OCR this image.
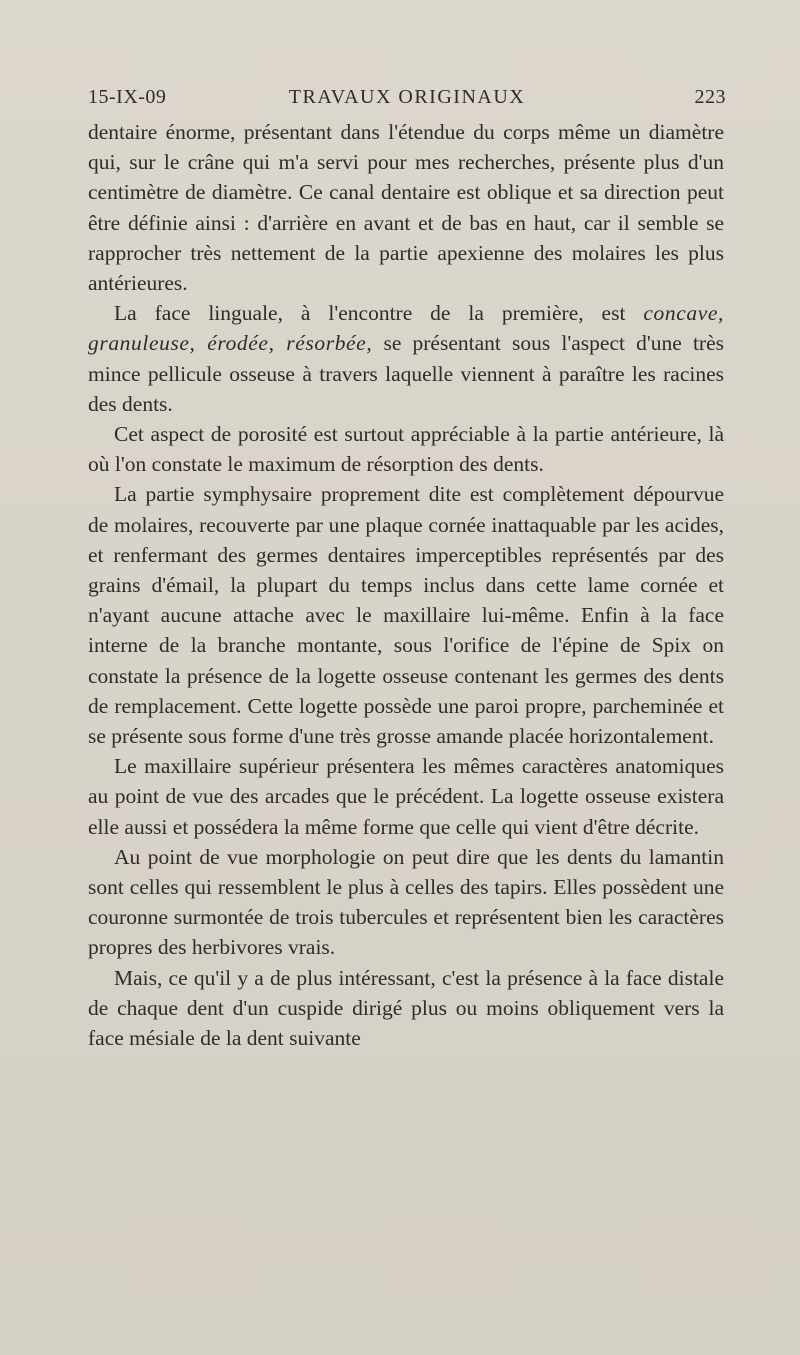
15-IX-09	TRAVAUX ORIGINAUX	223

dentaire énorme, présentant dans l'étendue du corps même un diamètre qui, sur le crâne qui m'a servi pour mes recherches, présente plus d'un centimètre de diamètre. Ce canal dentaire est oblique et sa direction peut être définie ainsi : d'arrière en avant et de bas en haut, car il semble se rapprocher très nettement de la partie apexienne des molaires les plus antérieures.

La face linguale, à l'encontre de la première, est concave, granuleuse, érodée, résorbée, se présentant sous l'aspect d'une très mince pellicule osseuse à travers laquelle viennent à paraître les racines des dents.

Cet aspect de porosité est surtout appréciable à la partie antérieure, là où l'on constate le maximum de résorption des dents.

La partie symphysaire proprement dite est complètement dépourvue de molaires, recouverte par une plaque cornée inattaquable par les acides, et renfermant des germes dentaires imperceptibles représentés par des grains d'émail, la plupart du temps inclus dans cette lame cornée et n'ayant aucune attache avec le maxillaire lui-même. Enfin à la face interne de la branche montante, sous l'orifice de l'épine de Spix on constate la présence de la logette osseuse contenant les germes des dents de remplacement. Cette logette possède une paroi propre, parcheminée et se présente sous forme d'une très grosse amande placée horizontalement.

Le maxillaire supérieur présentera les mêmes caractères anatomiques au point de vue des arcades que le précédent. La logette osseuse existera elle aussi et possédera la même forme que celle qui vient d'être décrite.

Au point de vue morphologie on peut dire que les dents du lamantin sont celles qui ressemblent le plus à celles des tapirs. Elles possèdent une couronne surmontée de trois tubercules et représentent bien les caractères propres des herbivores vrais.

Mais, ce qu'il y a de plus intéressant, c'est la présence à la face distale de chaque dent d'un cuspide dirigé plus ou moins obliquement vers la face mésiale de la dent suivante
